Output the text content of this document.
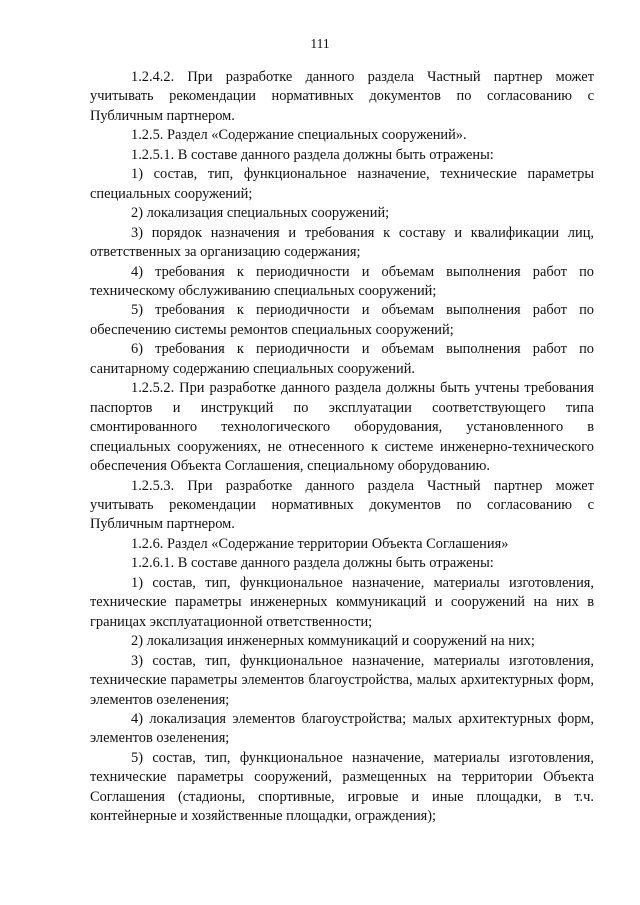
111

1.2.4.2. При разработке данного раздела Частный партнер может учитывать рекомендации нормативных документов по согласованию с Публичным партнером.

1.2.5. Раздел «Содержание специальных сооружений».

1.2.5.1. В составе данного раздела должны быть отражены:

1) состав, тип, функциональное назначение, технические параметры специальных сооружений;

2) локализация специальных сооружений;

3) порядок назначения и требования к составу и квалификации лиц, ответственных за организацию содержания;

4) требования к периодичности и объемам выполнения работ по техническому обслуживанию специальных сооружений;

5) требования к периодичности и объемам выполнения работ по обеспечению системы ремонтов специальных сооружений;

6) требования к периодичности и объемам выполнения работ по санитарному содержанию специальных сооружений.

1.2.5.2. При разработке данного раздела должны быть учтены требования паспортов и инструкций по эксплуатации соответствующего типа смонтированного технологического оборудования, установленного в специальных сооружениях, не отнесенного к системе инженерно-технического обеспечения Объекта Соглашения, специальному оборудованию.

1.2.5.3. При разработке данного раздела Частный партнер может учитывать рекомендации нормативных документов по согласованию с Публичным партнером.

1.2.6. Раздел «Содержание территории Объекта Соглашения»

1.2.6.1. В составе данного раздела должны быть отражены:

1) состав, тип, функциональное назначение, материалы изготовления, технические параметры инженерных коммуникаций и сооружений на них в границах эксплуатационной ответственности;

2) локализация инженерных коммуникаций и сооружений на них;

3) состав, тип, функциональное назначение, материалы изготовления, технические параметры элементов благоустройства, малых архитектурных форм, элементов озеленения;

4) локализация элементов благоустройства; малых архитектурных форм, элементов озеленения;

5) состав, тип, функциональное назначение, материалы изготовления, технические параметры сооружений, размещенных на территории Объекта Соглашения (стадионы, спортивные, игровые и иные площадки, в т.ч. контейнерные и хозяйственные площадки, ограждения);
